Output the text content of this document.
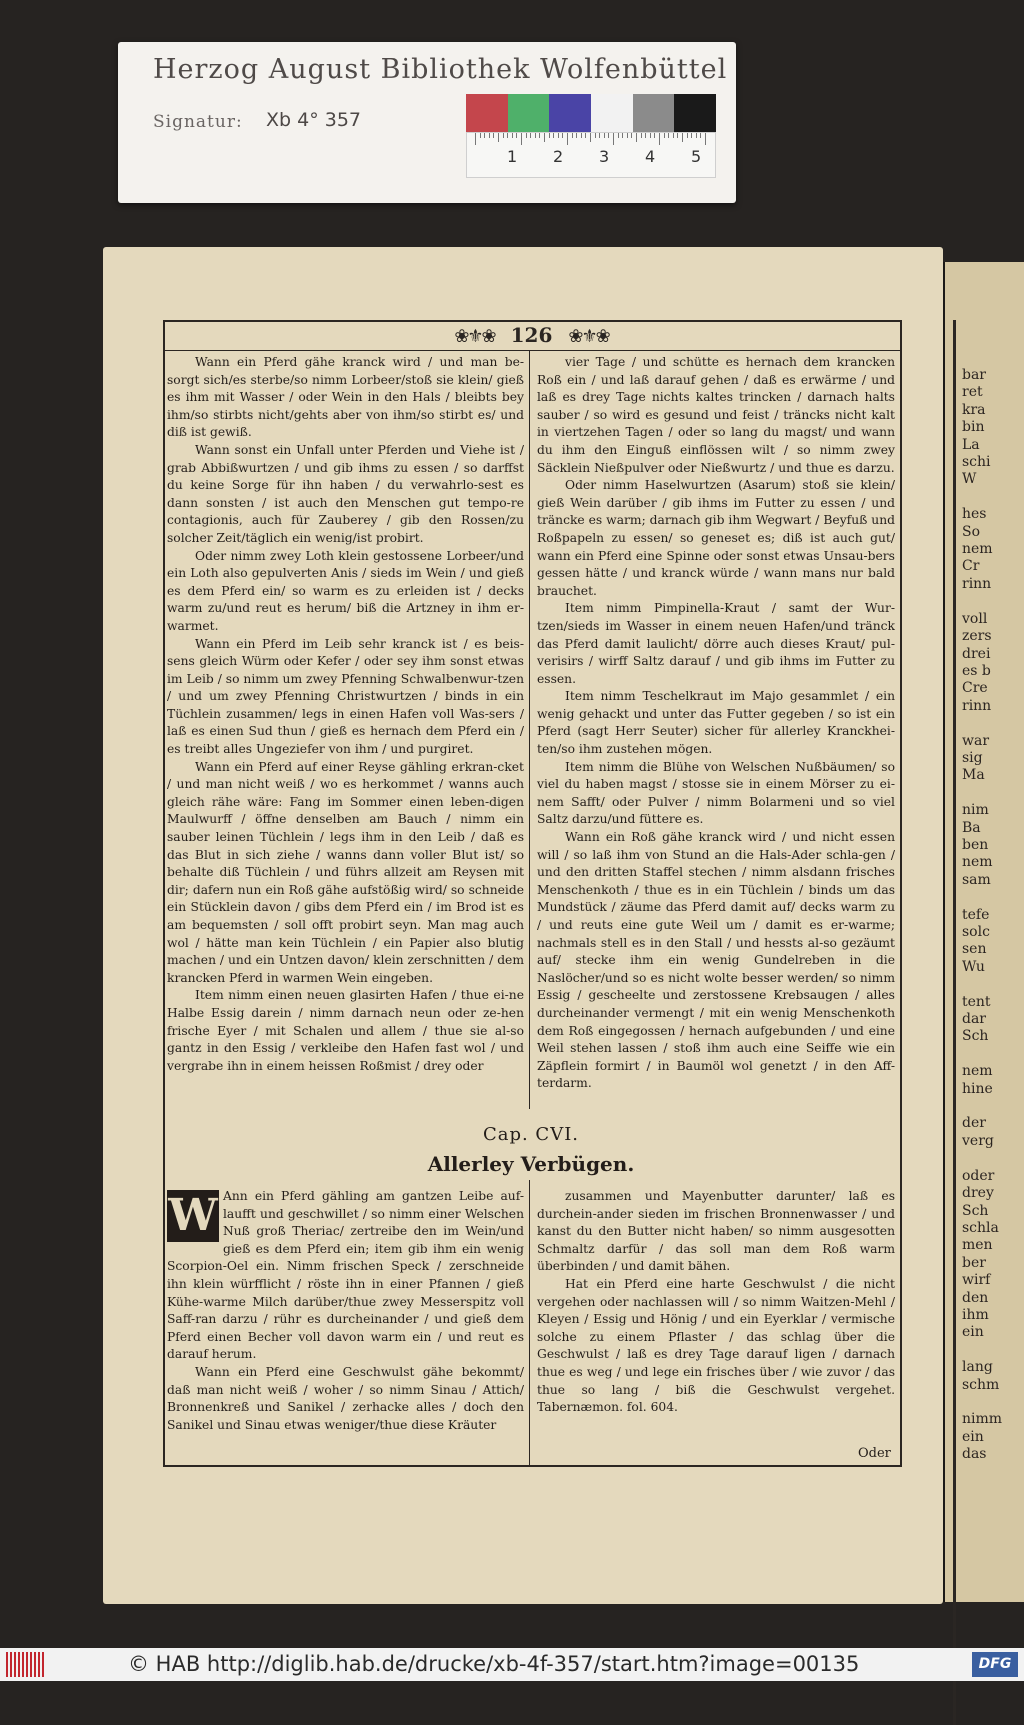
bar
ret
kra
bin
La
schi
W

hes
So
nem
Cr
rinn

voll
zers
drei
es b
Cre
rinn

war
sig
Ma

nim
Ba
ben
nem
sam

tefe
solc
sen
Wu

tent
dar
Sch

nem
hine

der
verg

oder
drey
Sch
schla
men
ber
wirf
den
ihm
ein

lang
schm

nimm
ein
das
Herzog August Bibliothek Wolfenbüttel
Signatur: Xb 4° 357
1 2 3 4 5
❀⚜❀ 126 ❀⚜❀

Wann ein Pferd gähe kranck wird / und man be-sorgt sich/es sterbe/so nimm Lorbeer/stoß sie klein/ gieß es ihm mit Wasser / oder Wein in den Hals / bleibts bey ihm/so stirbts nicht/gehts aber von ihm/so stirbt es/ und diß ist gewiß.

Wann sonst ein Unfall unter Pferden und Viehe ist / grab Abbißwurtzen / und gib ihms zu essen / so darffst du keine Sorge für ihn haben / du verwahrlo-sest es dann sonsten / ist auch den Menschen gut tempo-re contagionis, auch für Zauberey / gib den Rossen/zu solcher Zeit/täglich ein wenig/ist probirt.

Oder nimm zwey Loth klein gestossene Lorbeer/und ein Loth also gepulverten Anis / sieds im Wein / und gieß es dem Pferd ein/ so warm es zu erleiden ist / decks warm zu/und reut es herum/ biß die Artzney in ihm er-warmet.

Wann ein Pferd im Leib sehr kranck ist / es beis-sens gleich Würm oder Kefer / oder sey ihm sonst etwas im Leib / so nimm um zwey Pfenning Schwalbenwur-tzen / und um zwey Pfenning Christwurtzen / binds in ein Tüchlein zusammen/ legs in einen Hafen voll Was-sers / laß es einen Sud thun / gieß es hernach dem Pferd ein / es treibt alles Ungeziefer von ihm / und purgiret.

Wann ein Pferd auf einer Reyse gähling erkran-cket / und man nicht weiß / wo es herkommet / wanns auch gleich rähe wäre: Fang im Sommer einen leben-digen Maulwurff / öffne denselben am Bauch / nimm ein sauber leinen Tüchlein / legs ihm in den Leib / daß es das Blut in sich ziehe / wanns dann voller Blut ist/ so behalte diß Tüchlein / und führs allzeit am Reysen mit dir; dafern nun ein Roß gähe aufstößig wird/ so schneide ein Stücklein davon / gibs dem Pferd ein / im Brod ist es am bequemsten / soll offt probirt seyn. Man mag auch wol / hätte man kein Tüchlein / ein Papier also blutig machen / und ein Untzen davon/ klein zerschnitten / dem krancken Pferd in warmen Wein eingeben.

Item nimm einen neuen glasirten Hafen / thue ei-ne Halbe Essig darein / nimm darnach neun oder ze-hen frische Eyer / mit Schalen und allem / thue sie al-so gantz in den Essig / verkleibe den Hafen fast wol / und vergrabe ihn in einem heissen Roßmist / drey oder

vier Tage / und schütte es hernach dem krancken Roß ein / und laß darauf gehen / daß es erwärme / und laß es drey Tage nichts kaltes trincken / darnach halts sauber / so wird es gesund und feist / träncks nicht kalt in viertzehen Tagen / oder so lang du magst/ und wann du ihm den Einguß einflössen wilt / so nimm zwey Säcklein Nießpulver oder Nießwurtz / und thue es darzu.

Oder nimm Haselwurtzen (Asarum) stoß sie klein/ gieß Wein darüber / gib ihms im Futter zu essen / und träncke es warm; darnach gib ihm Wegwart / Beyfuß und Roßpapeln zu essen/ so geneset es; diß ist auch gut/ wann ein Pferd eine Spinne oder sonst etwas Unsau-bers gessen hätte / und kranck würde / wann mans nur bald brauchet.

Item nimm Pimpinella-Kraut / samt der Wur-tzen/sieds im Wasser in einem neuen Hafen/und tränck das Pferd damit laulicht/ dörre auch dieses Kraut/ pul-verisirs / wirff Saltz darauf / und gib ihms im Futter zu essen.

Item nimm Teschelkraut im Majo gesammlet / ein wenig gehackt und unter das Futter gegeben / so ist ein Pferd (sagt Herr Seuter) sicher für allerley Kranckhei-ten/so ihm zustehen mögen.

Item nimm die Blühe von Welschen Nußbäumen/ so viel du haben magst / stosse sie in einem Mörser zu ei-nem Safft/ oder Pulver / nimm Bolarmeni und so viel Saltz darzu/und füttere es.

Wann ein Roß gähe kranck wird / und nicht essen will / so laß ihm von Stund an die Hals-Ader schla-gen / und den dritten Staffel stechen / nimm alsdann frisches Menschenkoth / thue es in ein Tüchlein / binds um das Mundstück / zäume das Pferd damit auf/ decks warm zu / und reuts eine gute Weil um / damit es er-warme; nachmals stell es in den Stall / und hessts al-so gezäumt auf/ stecke ihm ein wenig Gundelreben in die Naslöcher/und so es nicht wolte besser werden/ so nimm Essig / gescheelte und zerstossene Krebsaugen / alles durcheinander vermengt / mit ein wenig Menschenkoth dem Roß eingegossen / hernach aufgebunden / und eine Weil stehen lassen / stoß ihm auch eine Seiffe wie ein Zäpflein formirt / in Baumöl wol genetzt / in den Aff-terdarm.

Cap. CVI.
Allerley Verbügen.
W Ann ein Pferd gähling am gantzen Leibe auf-laufft und geschwillet / so nimm einer Welschen Nuß groß Theriac/ zertreibe den im Wein/und gieß es dem Pferd ein; item gib ihm ein wenig Scorpion-Oel ein. Nimm frischen Speck / zerschneide ihn klein würfflicht / röste ihn in einer Pfannen / gieß Kühe-warme Milch darüber/thue zwey Messerspitz voll Saff-ran darzu / rühr es durcheinander / und gieß dem Pferd einen Becher voll davon warm ein / und reut es darauf herum.

Wann ein Pferd eine Geschwulst gähe bekommt/ daß man nicht weiß / woher / so nimm Sinau / Attich/ Bronnenkreß und Sanikel / zerhacke alles / doch den Sanikel und Sinau etwas weniger/thue diese Kräuter

zusammen und Mayenbutter darunter/ laß es durchein-ander sieden im frischen Bronnenwasser / und kanst du den Butter nicht haben/ so nimm ausgesotten Schmaltz darfür / das soll man dem Roß warm überbinden / und damit bähen.

Hat ein Pferd eine harte Geschwulst / die nicht vergehen oder nachlassen will / so nimm Waitzen-Mehl / Kleyen / Essig und Hönig / und ein Eyerklar / vermische solche zu einem Pflaster / das schlag über die Geschwulst / laß es drey Tage darauf ligen / darnach thue es weg / und lege ein frisches über / wie zuvor / das thue so lang / biß die Geschwulst vergehet. Tabernæmon. fol. 604.

Oder
© HAB http://diglib.hab.de/drucke/xb-4f-357/start.htm?image=00135	DFG
